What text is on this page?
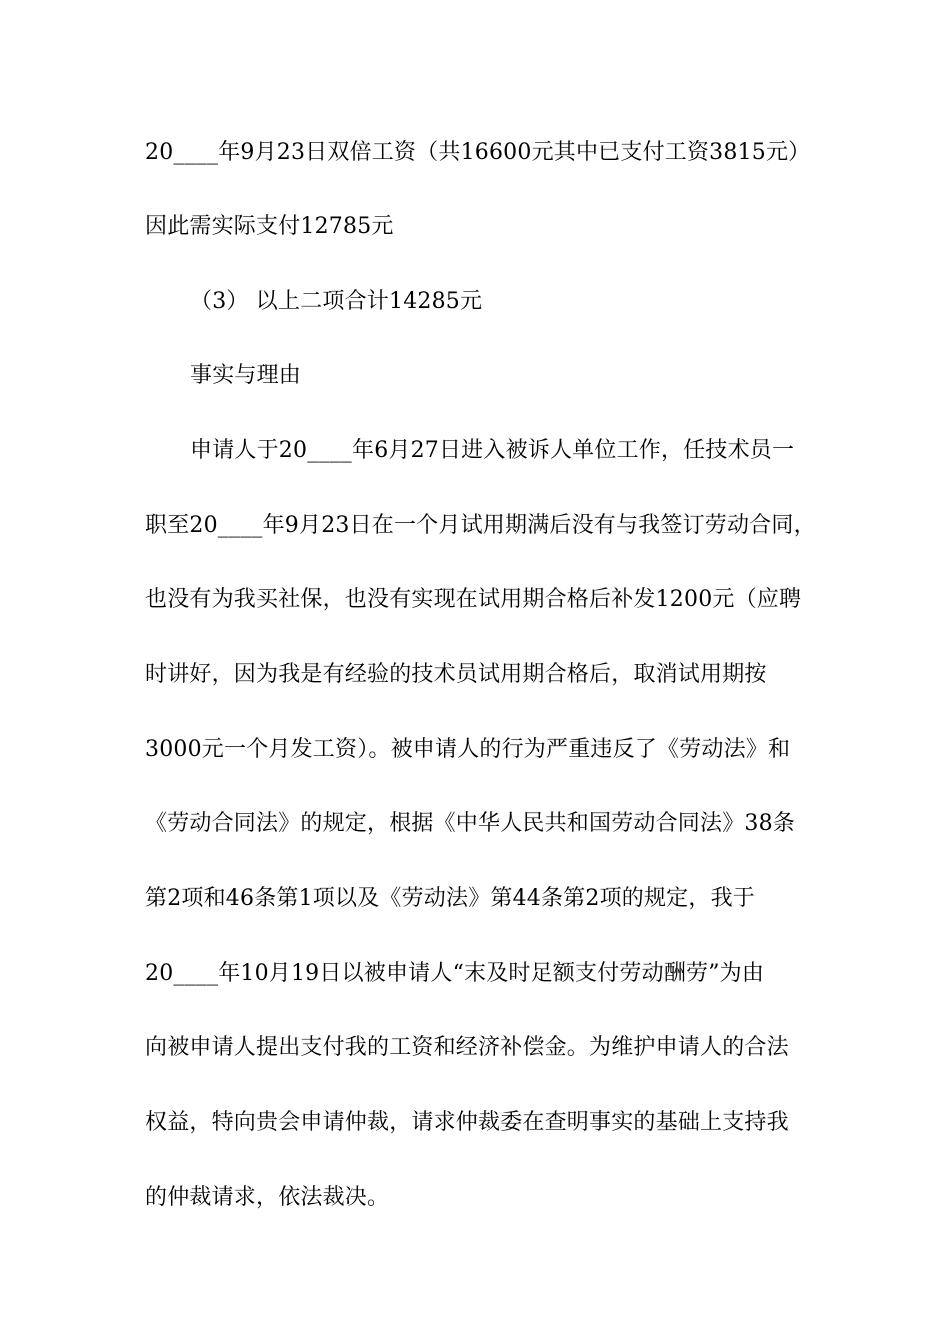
20____年9月23日双倍工资（共16600元其中已支付工资3815元）
因此需实际支付12785元
（3） 以上二项合计14285元
事实与理由
申请人于20____年6月27日进入被诉人单位工作，任技术员一
职至20____年9月23日在一个月试用期满后没有与我签订劳动合同，
也没有为我买社保，也没有实现在试用期合格后补发1200元（应聘
时讲好，因为我是有经验的技术员试用期合格后，取消试用期按
3000元一个月发工资）。被申请人的行为严重违反了《劳动法》和
《劳动合同法》的规定，根据《中华人民共和国劳动合同法》38条
第2项和46条第1项以及《劳动法》第44条第2项的规定，我于
20____年10月19日以被申请人“末及时足额支付劳动酬劳”为由
向被申请人提出支付我的工资和经济补偿金。为维护申请人的合法
权益，特向贵会申请仲裁，请求仲裁委在查明事实的基础上支持我
的仲裁请求，依法裁决。
